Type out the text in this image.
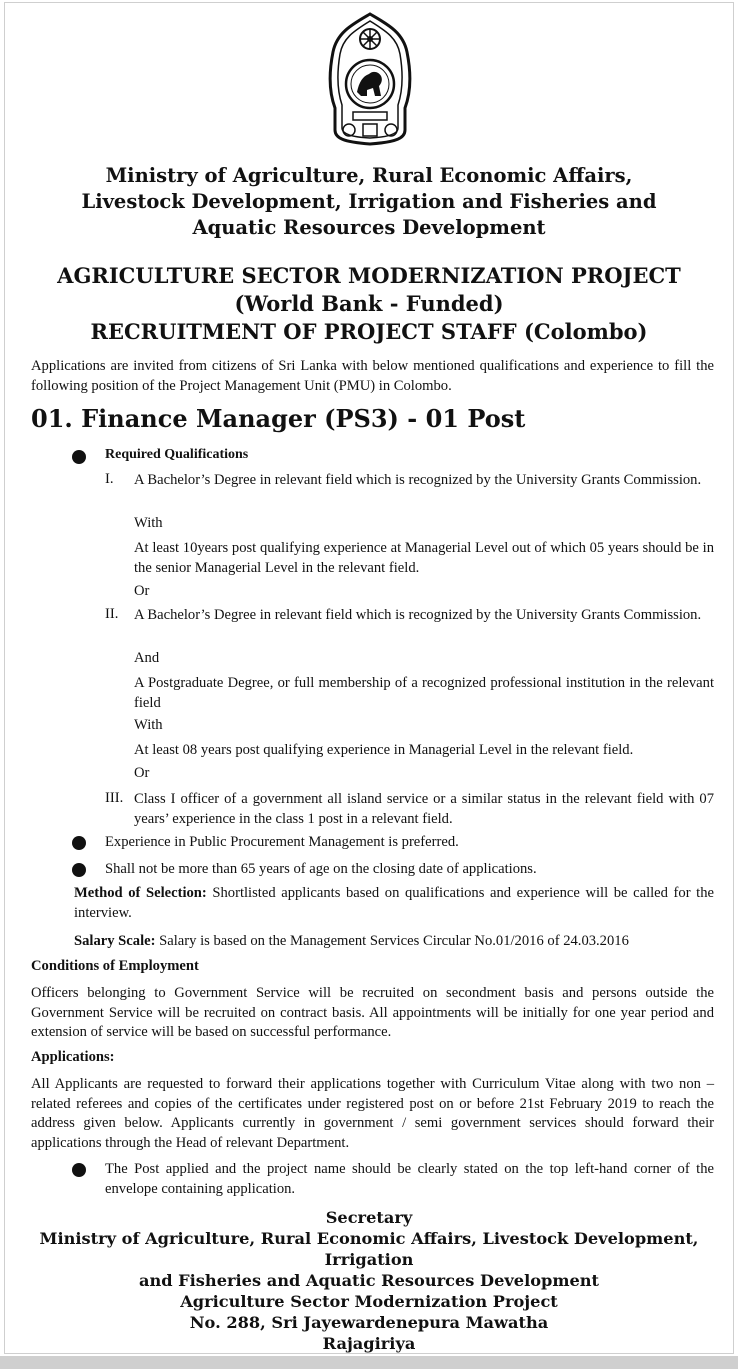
Ministry of Agriculture, Rural Economic Affairs,
Livestock Development, Irrigation and Fisheries and
Aquatic Resources Development
AGRICULTURE SECTOR MODERNIZATION PROJECT
(World Bank - Funded)
RECRUITMENT OF PROJECT STAFF (Colombo)
Applications are invited from citizens of Sri Lanka with below mentioned qualifications and experience to fill the following position of the Project Management Unit (PMU) in Colombo.
01. Finance Manager (PS3) - 01 Post
Required Qualifications
I. A Bachelor’s Degree in relevant field which is recognized by the University Grants Commission.
With
At least 10years post qualifying experience at Managerial Level out of which 05 years should be in the senior Managerial Level in the relevant field.
Or
II. A Bachelor’s Degree in relevant field which is recognized by the University Grants Commission.
And
A Postgraduate Degree, or full membership of a recognized professional institution in the relevant field
With
At least 08 years post qualifying experience in Managerial Level in the relevant field.
Or
III. Class I officer of a government all island service or a similar status in the relevant field with 07 years’ experience in the class 1 post in a relevant field.
Experience in Public Procurement Management is preferred.
Shall not be more than 65 years of age on the closing date of applications.
Method of Selection: Shortlisted applicants based on qualifications and experience will be called for the interview.
Salary Scale: Salary is based on the Management Services Circular No.01/2016 of 24.03.2016
Conditions of Employment
Officers belonging to Government Service will be recruited on secondment basis and persons outside the Government Service will be recruited on contract basis. All appointments will be initially for one year period and extension of service will be based on successful performance.
Applications:
All Applicants are requested to forward their applications together with Curriculum Vitae along with two non – related referees and copies of the certificates under registered post on or before 21st February 2019 to reach the address given below. Applicants currently in government / semi government services should forward their applications through the Head of relevant Department.
The Post applied and the project name should be clearly stated on the top left-hand corner of the envelope containing application.
Secretary
Ministry of Agriculture, Rural Economic Affairs, Livestock Development, Irrigation
and Fisheries and Aquatic Resources Development
Agriculture Sector Modernization Project
No. 288, Sri Jayewardenepura Mawatha
Rajagiriya
